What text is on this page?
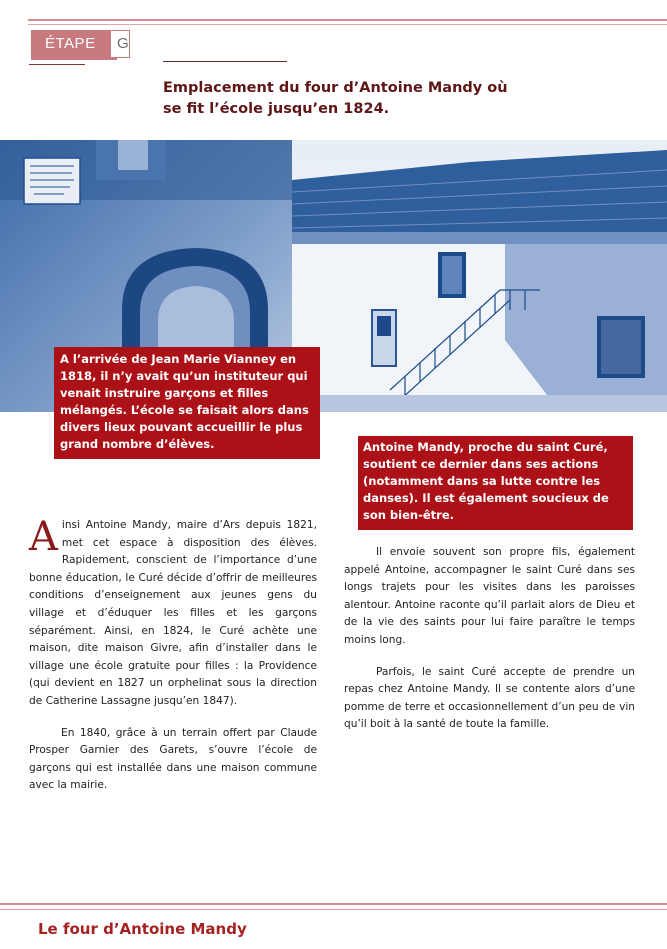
ÉTAPE G
Emplacement du four d’Antoine Mandy où se fit l’école jusqu’en 1824.
A l’arrivée de Jean Marie Vianney en 1818, il n’y avait qu’un instituteur qui venait instruire garçons et filles mélangés. L’école se faisait alors dans divers lieux pouvant accueillir le plus grand nombre d’élèves.	Antoine Mandy, proche du saint Curé, soutient ce dernier dans ses actions (notamment dans sa lutte contre les danses). Il est également soucieux de son bien-être.

Ainsi Antoine Mandy, maire d’Ars depuis 1821, met cet espace à disposition des élèves. Rapidement, conscient de l’importance d’une bonne éducation, le Curé décide d’offrir de meilleures conditions d’enseignement aux jeunes gens du village et d’éduquer les filles et les garçons séparément. Ainsi, en 1824, le Curé achète une maison, dite maison Givre, afin d’installer dans le village une école gratuite pour filles : la Providence (qui devient en 1827 un orphelinat sous la direction de Catherine Lassagne jusqu’en 1847).

En 1840, grâce à un terrain offert par Claude Prosper Garnier des Garets, s’ouvre l’école de garçons qui est installée dans une maison commune avec la mairie.

Il envoie souvent son propre fils, également appelé Antoine, accompagner le saint Curé dans ses longs trajets pour les visites dans les paroisses alentour. Antoine raconte qu’il parlait alors de Dieu et de la vie des saints pour lui faire paraître le temps moins long.

Parfois, le saint Curé accepte de prendre un repas chez Antoine Mandy. Il se contente alors d’une pomme de terre et occasionnellement d’un peu de vin qu’il boit à la santé de toute la famille.

Le four d’Antoine Mandy
